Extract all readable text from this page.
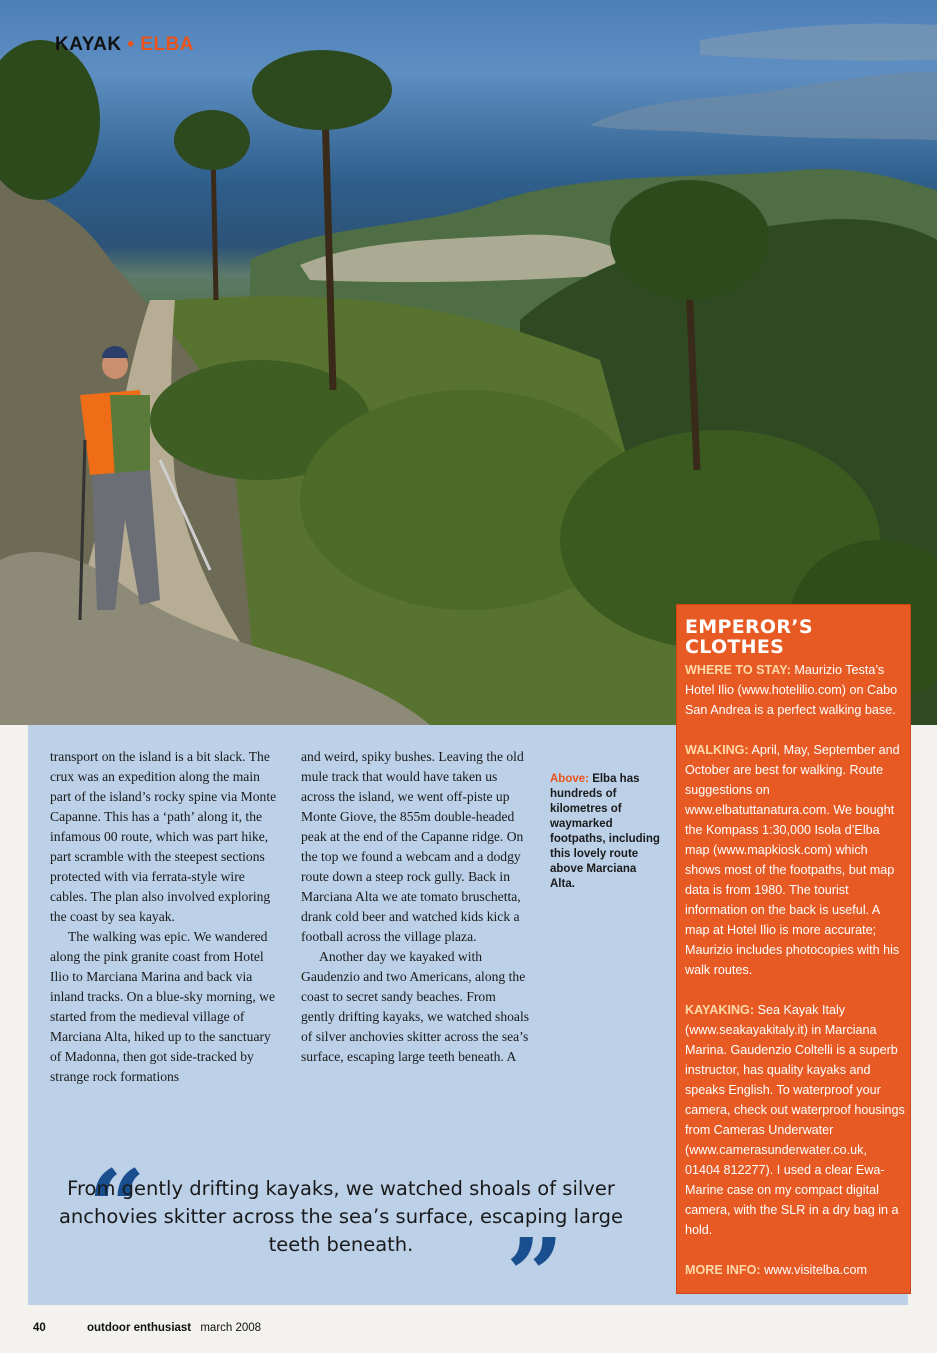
KAYAK • ELBA

transport on the island is a bit slack. The crux was an expedition along the main part of the island’s rocky spine via Monte Capanne. This has a ‘path’ along it, the infamous 00 route, which was part hike, part scramble with the steepest sections protected with via ferrata-style wire cables. The plan also involved exploring the coast by sea kayak.

The walking was epic. We wandered along the pink granite coast from Hotel Ilio to Marciana Marina and back via inland tracks. On a blue-sky morning, we started from the medieval village of Marciana Alta, hiked up to the sanctuary of Madonna, then got side-tracked by strange rock formations

and weird, spiky bushes. Leaving the old mule track that would have taken us across the island, we went off-piste up Monte Giove, the 855m double-headed peak at the end of the Capanne ridge. On the top we found a webcam and a dodgy route down a steep rock gully. Back in Marciana Alta we ate tomato bruschetta, drank cold beer and watched kids kick a football across the village plaza.

Another day we kayaked with Gaudenzio and two Americans, along the coast to secret sandy beaches. From gently drifting kayaks, we watched shoals of silver anchovies skitter across the sea’s surface, escaping large teeth beneath. A

Above: Elba has hundreds of kilometres of waymarked footpaths, including this lovely route above Marciana Alta.
“
From gently drifting kayaks, we watched shoals of silver anchovies skitter across the sea’s surface, escaping large teeth beneath. ”
EMPEROR’S CLOTHES

WHERE TO STAY: Maurizio Testa’s Hotel Ilio (www.hotelilio.com) on Cabo San Andrea is a perfect walking base.

WALKING: April, May, September and October are best for walking. Route suggestions on www.elbatuttanatura.com. We bought the Kompass 1:30,000 Isola d’Elba map (www.mapkiosk.com) which shows most of the footpaths, but map data is from 1980. The tourist information on the back is useful. A map at Hotel Ilio is more accurate; Maurizio includes photocopies with his walk routes.

KAYAKING: Sea Kayak Italy (www.seakayakitaly.it) in Marciana Marina. Gaudenzio Coltelli is a superb instructor, has quality kayaks and speaks English. To waterproof your camera, check out waterproof housings from Cameras Underwater (www.camerasunderwater.co.uk, 01404 812277). I used a clear Ewa-Marine case on my compact digital camera, with the SLR in a dry bag in a hold.

MORE INFO: www.visitelba.com

40	outdoor enthusiast march 2008
